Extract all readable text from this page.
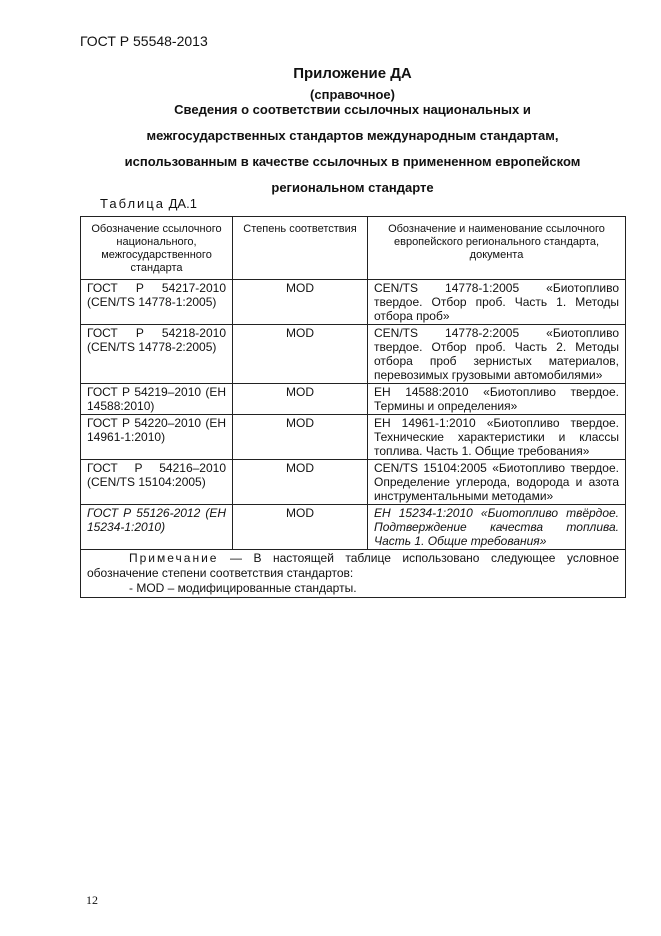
ГОСТ Р 55548-2013
Приложение ДА
(справочное)
Сведения о соответствии ссылочных национальных и
межгосударственных стандартов международным стандартам,
использованным в качестве ссылочных в примененном европейском
региональном стандарте
Таблица ДА.1
Обозначение ссылочного национального, межгосударственного стандарта	Степень соответствия	Обозначение и наименование ссылочного европейского регионального стандарта, документа
ГОСТ Р 54217-2010 (CEN/TS 14778-1:2005)	MOD	CEN/TS 14778-1:2005 «Биотопливо твердое. Отбор проб. Часть 1. Методы отбора проб»
ГОСТ Р 54218-2010 (CEN/TS 14778-2:2005)	MOD	CEN/TS 14778-2:2005 «Биотопливо твердое. Отбор проб. Часть 2. Методы отбора проб зернистых материалов, перевозимых грузовыми автомобилями»
ГОСТ Р 54219–2010 (ЕН 14588:2010)	MOD	ЕН 14588:2010 «Биотопливо твердое. Термины и определения»
ГОСТ Р 54220–2010 (ЕН 14961-1:2010)	MOD	ЕН 14961-1:2010 «Биотопливо твердое. Технические характеристики и классы топлива. Часть 1. Общие требования»
ГОСТ Р 54216–2010 (CEN/TS 15104:2005)	MOD	CEN/TS 15104:2005 «Биотопливо твердое. Определение углерода, водорода и азота инструментальными методами»
ГОСТ Р 55126-2012 (ЕН 15234-1:2010)	MOD	ЕН 15234-1:2010 «Биотопливо твёрдое. Подтверждение качества топлива. Часть 1. Общие требования»

Примечание — В настоящей таблице использовано следующее условное обозначение степени соответствия стандартов:
- MOD – модифицированные стандарты.		
12
